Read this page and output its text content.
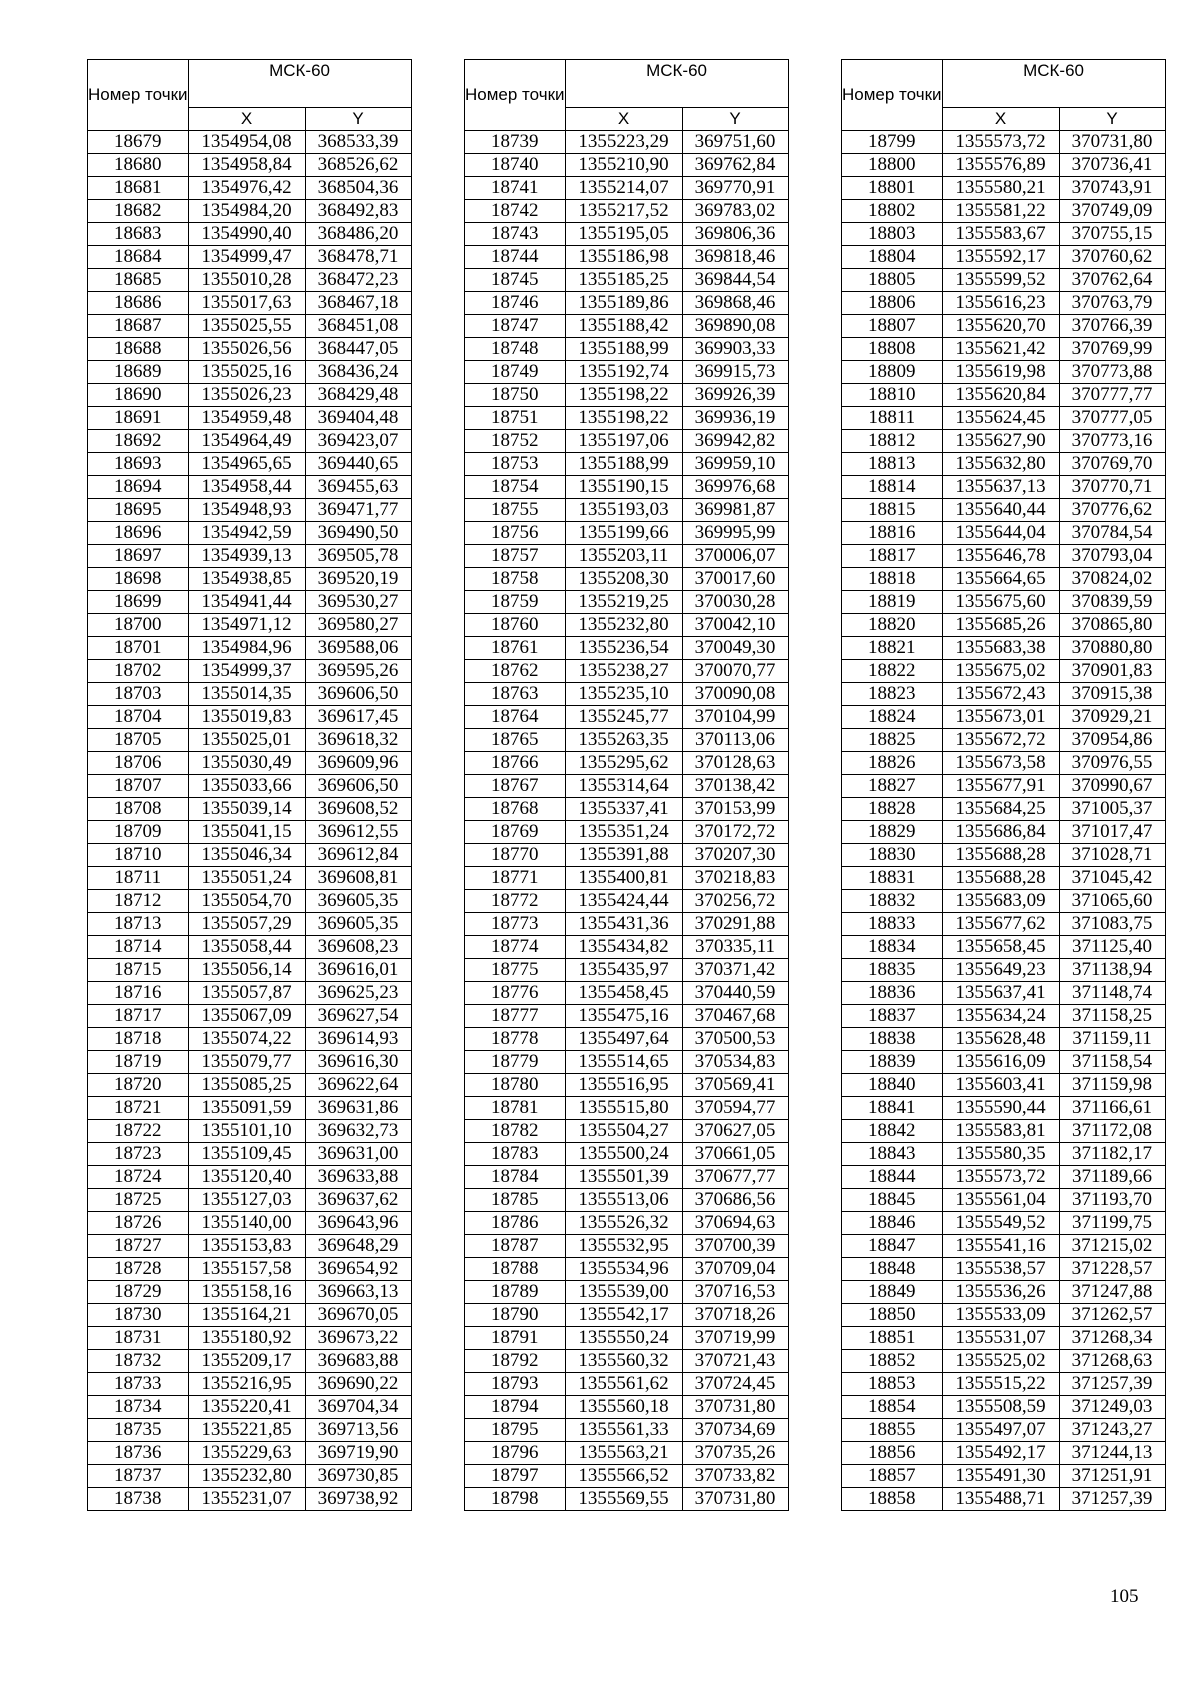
Номер точки	МСК-60	
	X	Y
18679	1354954,08	368533,39
18680	1354958,84	368526,62
18681	1354976,42	368504,36
18682	1354984,20	368492,83
18683	1354990,40	368486,20
18684	1354999,47	368478,71
18685	1355010,28	368472,23
18686	1355017,63	368467,18
18687	1355025,55	368451,08
18688	1355026,56	368447,05
18689	1355025,16	368436,24
18690	1355026,23	368429,48
18691	1354959,48	369404,48
18692	1354964,49	369423,07
18693	1354965,65	369440,65
18694	1354958,44	369455,63
18695	1354948,93	369471,77
18696	1354942,59	369490,50
18697	1354939,13	369505,78
18698	1354938,85	369520,19
18699	1354941,44	369530,27
18700	1354971,12	369580,27
18701	1354984,96	369588,06
18702	1354999,37	369595,26
18703	1355014,35	369606,50
18704	1355019,83	369617,45
18705	1355025,01	369618,32
18706	1355030,49	369609,96
18707	1355033,66	369606,50
18708	1355039,14	369608,52
18709	1355041,15	369612,55
18710	1355046,34	369612,84
18711	1355051,24	369608,81
18712	1355054,70	369605,35
18713	1355057,29	369605,35
18714	1355058,44	369608,23
18715	1355056,14	369616,01
18716	1355057,87	369625,23
18717	1355067,09	369627,54
18718	1355074,22	369614,93
18719	1355079,77	369616,30
18720	1355085,25	369622,64
18721	1355091,59	369631,86
18722	1355101,10	369632,73
18723	1355109,45	369631,00
18724	1355120,40	369633,88
18725	1355127,03	369637,62
18726	1355140,00	369643,96
18727	1355153,83	369648,29
18728	1355157,58	369654,92
18729	1355158,16	369663,13
18730	1355164,21	369670,05
18731	1355180,92	369673,22
18732	1355209,17	369683,88
18733	1355216,95	369690,22
18734	1355220,41	369704,34
18735	1355221,85	369713,56
18736	1355229,63	369719,90
18737	1355232,80	369730,85
18738	1355231,07	369738,92
Номер точки	МСК-60	
	X	Y
18739	1355223,29	369751,60
18740	1355210,90	369762,84
18741	1355214,07	369770,91
18742	1355217,52	369783,02
18743	1355195,05	369806,36
18744	1355186,98	369818,46
18745	1355185,25	369844,54
18746	1355189,86	369868,46
18747	1355188,42	369890,08
18748	1355188,99	369903,33
18749	1355192,74	369915,73
18750	1355198,22	369926,39
18751	1355198,22	369936,19
18752	1355197,06	369942,82
18753	1355188,99	369959,10
18754	1355190,15	369976,68
18755	1355193,03	369981,87
18756	1355199,66	369995,99
18757	1355203,11	370006,07
18758	1355208,30	370017,60
18759	1355219,25	370030,28
18760	1355232,80	370042,10
18761	1355236,54	370049,30
18762	1355238,27	370070,77
18763	1355235,10	370090,08
18764	1355245,77	370104,99
18765	1355263,35	370113,06
18766	1355295,62	370128,63
18767	1355314,64	370138,42
18768	1355337,41	370153,99
18769	1355351,24	370172,72
18770	1355391,88	370207,30
18771	1355400,81	370218,83
18772	1355424,44	370256,72
18773	1355431,36	370291,88
18774	1355434,82	370335,11
18775	1355435,97	370371,42
18776	1355458,45	370440,59
18777	1355475,16	370467,68
18778	1355497,64	370500,53
18779	1355514,65	370534,83
18780	1355516,95	370569,41
18781	1355515,80	370594,77
18782	1355504,27	370627,05
18783	1355500,24	370661,05
18784	1355501,39	370677,77
18785	1355513,06	370686,56
18786	1355526,32	370694,63
18787	1355532,95	370700,39
18788	1355534,96	370709,04
18789	1355539,00	370716,53
18790	1355542,17	370718,26
18791	1355550,24	370719,99
18792	1355560,32	370721,43
18793	1355561,62	370724,45
18794	1355560,18	370731,80
18795	1355561,33	370734,69
18796	1355563,21	370735,26
18797	1355566,52	370733,82
18798	1355569,55	370731,80
Номер точки	МСК-60	
	X	Y
18799	1355573,72	370731,80
18800	1355576,89	370736,41
18801	1355580,21	370743,91
18802	1355581,22	370749,09
18803	1355583,67	370755,15
18804	1355592,17	370760,62
18805	1355599,52	370762,64
18806	1355616,23	370763,79
18807	1355620,70	370766,39
18808	1355621,42	370769,99
18809	1355619,98	370773,88
18810	1355620,84	370777,77
18811	1355624,45	370777,05
18812	1355627,90	370773,16
18813	1355632,80	370769,70
18814	1355637,13	370770,71
18815	1355640,44	370776,62
18816	1355644,04	370784,54
18817	1355646,78	370793,04
18818	1355664,65	370824,02
18819	1355675,60	370839,59
18820	1355685,26	370865,80
18821	1355683,38	370880,80
18822	1355675,02	370901,83
18823	1355672,43	370915,38
18824	1355673,01	370929,21
18825	1355672,72	370954,86
18826	1355673,58	370976,55
18827	1355677,91	370990,67
18828	1355684,25	371005,37
18829	1355686,84	371017,47
18830	1355688,28	371028,71
18831	1355688,28	371045,42
18832	1355683,09	371065,60
18833	1355677,62	371083,75
18834	1355658,45	371125,40
18835	1355649,23	371138,94
18836	1355637,41	371148,74
18837	1355634,24	371158,25
18838	1355628,48	371159,11
18839	1355616,09	371158,54
18840	1355603,41	371159,98
18841	1355590,44	371166,61
18842	1355583,81	371172,08
18843	1355580,35	371182,17
18844	1355573,72	371189,66
18845	1355561,04	371193,70
18846	1355549,52	371199,75
18847	1355541,16	371215,02
18848	1355538,57	371228,57
18849	1355536,26	371247,88
18850	1355533,09	371262,57
18851	1355531,07	371268,34
18852	1355525,02	371268,63
18853	1355515,22	371257,39
18854	1355508,59	371249,03
18855	1355497,07	371243,27
18856	1355492,17	371244,13
18857	1355491,30	371251,91
18858	1355488,71	371257,39
105
